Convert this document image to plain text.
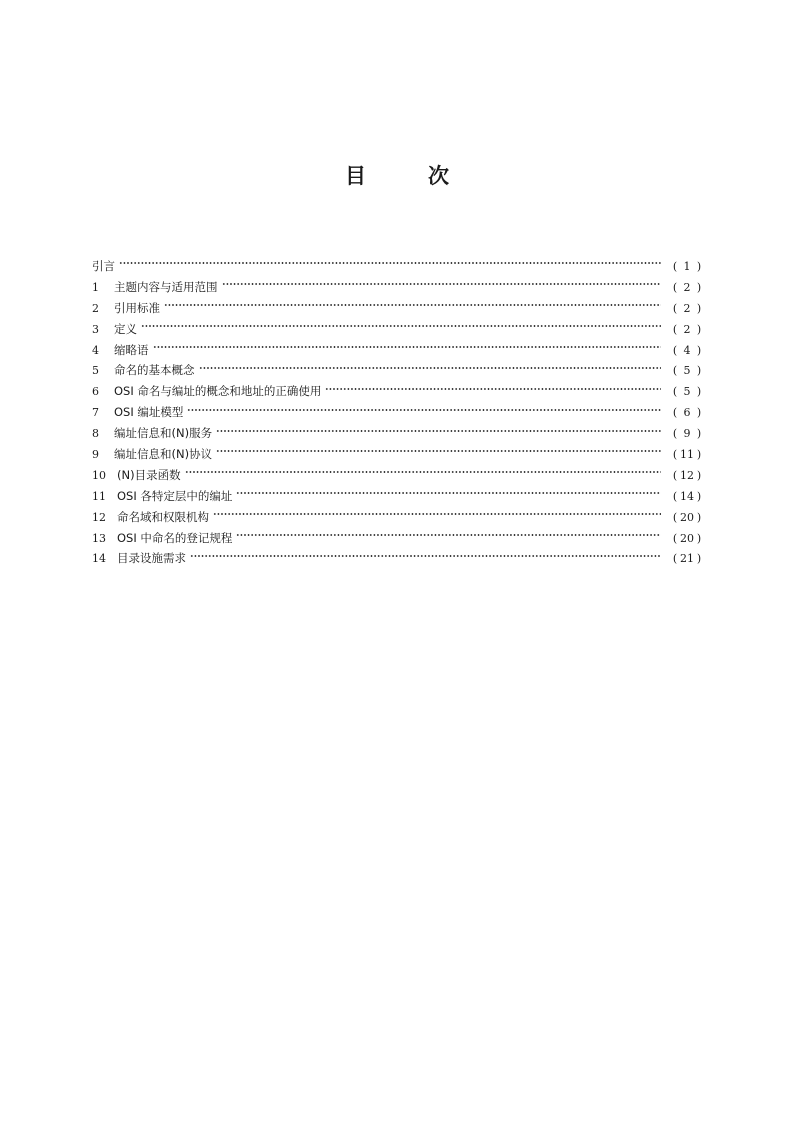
目	次
引言	( 1 )
1	主题内容与适用范围	( 2 )
2	引用标准	( 2 )
3	定义	( 2 )
4	缩略语	( 4 )
5	命名的基本概念	( 5 )
6	OSI 命名与编址的概念和地址的正确使用	( 5 )
7	OSI 编址模型	( 6 )
8	编址信息和(N)服务	( 9 )
9	编址信息和(N)协议	( 11 )
10 (N)目录函数	( 12 )
11 OSI 各特定层中的编址	( 14 )
12 命名域和权限机构	( 20 )
13 OSI 中命名的登记规程	( 20 )
14 目录设施需求	( 21 )
